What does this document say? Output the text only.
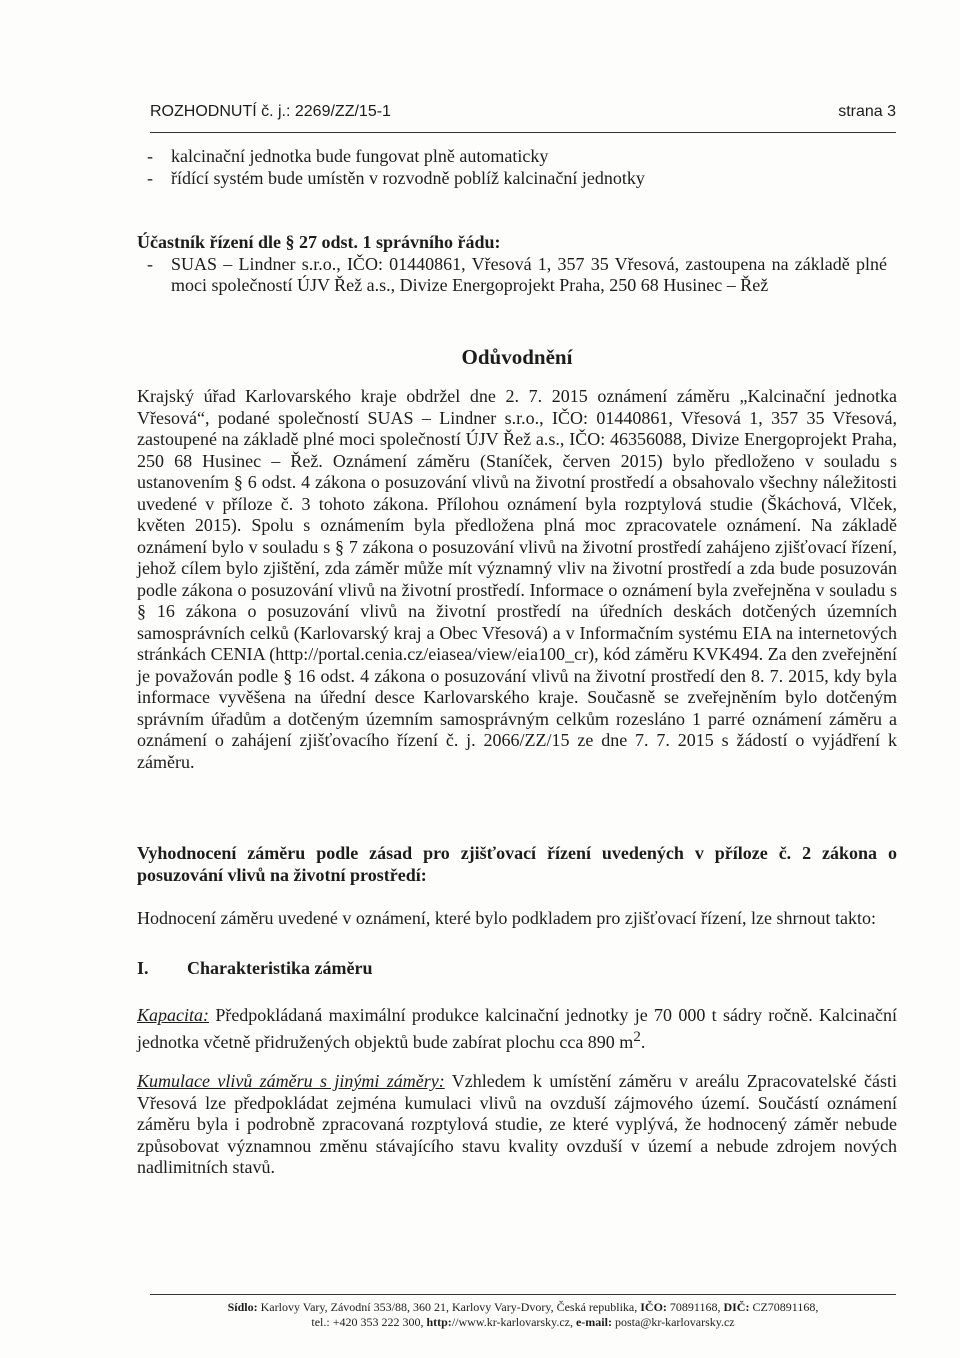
ROZHODNUTÍ č. j.: 2269/ZZ/15-1	strana 3
- kalcinační jednotka bude fungovat plně automaticky
- řídící systém bude umístěn v rozvodně poblíž kalcinační jednotky

Účastník řízení dle § 27 odst. 1 správního řádu:

- SUAS – Lindner s.r.o., IČO: 01440861, Vřesová 1, 357 35 Vřesová, zastoupena na základě plné moci společností ÚJV Řež a.s., Divize Energoprojekt Praha, 250 68 Husinec – Řež

Odůvodnění

Krajský úřad Karlovarského kraje obdržel dne 2. 7. 2015 oznámení záměru „Kalcinační jednotka Vřesová“, podané společností SUAS – Lindner s.r.o., IČO: 01440861, Vřesová 1, 357 35 Vřesová, zastoupené na základě plné moci společností ÚJV Řež a.s., IČO: 46356088, Divize Energoprojekt Praha, 250 68 Husinec – Řež. Oznámení záměru (Staníček, červen 2015) bylo předloženo v souladu s ustanovením § 6 odst. 4 zákona o posuzování vlivů na životní prostředí a obsahovalo všechny náležitosti uvedené v příloze č. 3 tohoto zákona. Přílohou oznámení byla rozptylová studie (Škáchová, Vlček, květen 2015). Spolu s oznámením byla předložena plná moc zpracovatele oznámení. Na základě oznámení bylo v souladu s § 7 zákona o posuzování vlivů na životní prostředí zahájeno zjišťovací řízení, jehož cílem bylo zjištění, zda záměr může mít významný vliv na životní prostředí a zda bude posuzován podle zákona o posuzování vlivů na životní prostředí. Informace o oznámení byla zveřejněna v souladu s § 16 zákona o posuzování vlivů na životní prostředí na úředních deskách dotčených územních samosprávních celků (Karlovarský kraj a Obec Vřesová) a v Informačním systému EIA na internetových stránkách CENIA (http://portal.cenia.cz/eiasea/view/eia100_cr), kód záměru KVK494. Za den zveřejnění je považován podle § 16 odst. 4 zákona o posuzování vlivů na životní prostředí den 8. 7. 2015, kdy byla informace vyvěšena na úřední desce Karlovarského kraje. Současně se zveřejněním bylo dotčeným správním úřadům a dotčeným územním samosprávným celkům rozesláno 1 parré oznámení záměru a oznámení o zahájení zjišťovacího řízení č. j. 2066/ZZ/15 ze dne 7. 7. 2015 s žádostí o vyjádření k záměru.

Vyhodnocení záměru podle zásad pro zjišťovací řízení uvedených v příloze č. 2 zákona o posuzování vlivů na životní prostředí:

Hodnocení záměru uvedené v oznámení, které bylo podkladem pro zjišťovací řízení, lze shrnout takto:

I.	Charakteristika záměru

Kapacita: Předpokládaná maximální produkce kalcinační jednotky je 70 000 t sádry ročně. Kalcinační jednotka včetně přidružených objektů bude zabírat plochu cca 890 $m^2$.

Kumulace vlivů záměru s jinými záměry: Vzhledem k umístění záměru v areálu Zpracovatelské části Vřesová lze předpokládat zejména kumulaci vlivů na ovzduší zájmového území. Součástí oznámení záměru byla i podrobně zpracovaná rozptylová studie, ze které vyplývá, že hodnocený záměr nebude způsobovat významnou změnu stávajícího stavu kvality ovzduší v území a nebude zdrojem nových nadlimitních stavů.

Sídlo: Karlovy Vary, Závodní 353/88, 360 21, Karlovy Vary-Dvory, Česká republika, IČO: 70891168, DIČ: CZ70891168,
tel.: +420 353 222 300, http://www.kr-karlovarsky.cz, e-mail: posta@kr-karlovarsky.cz
